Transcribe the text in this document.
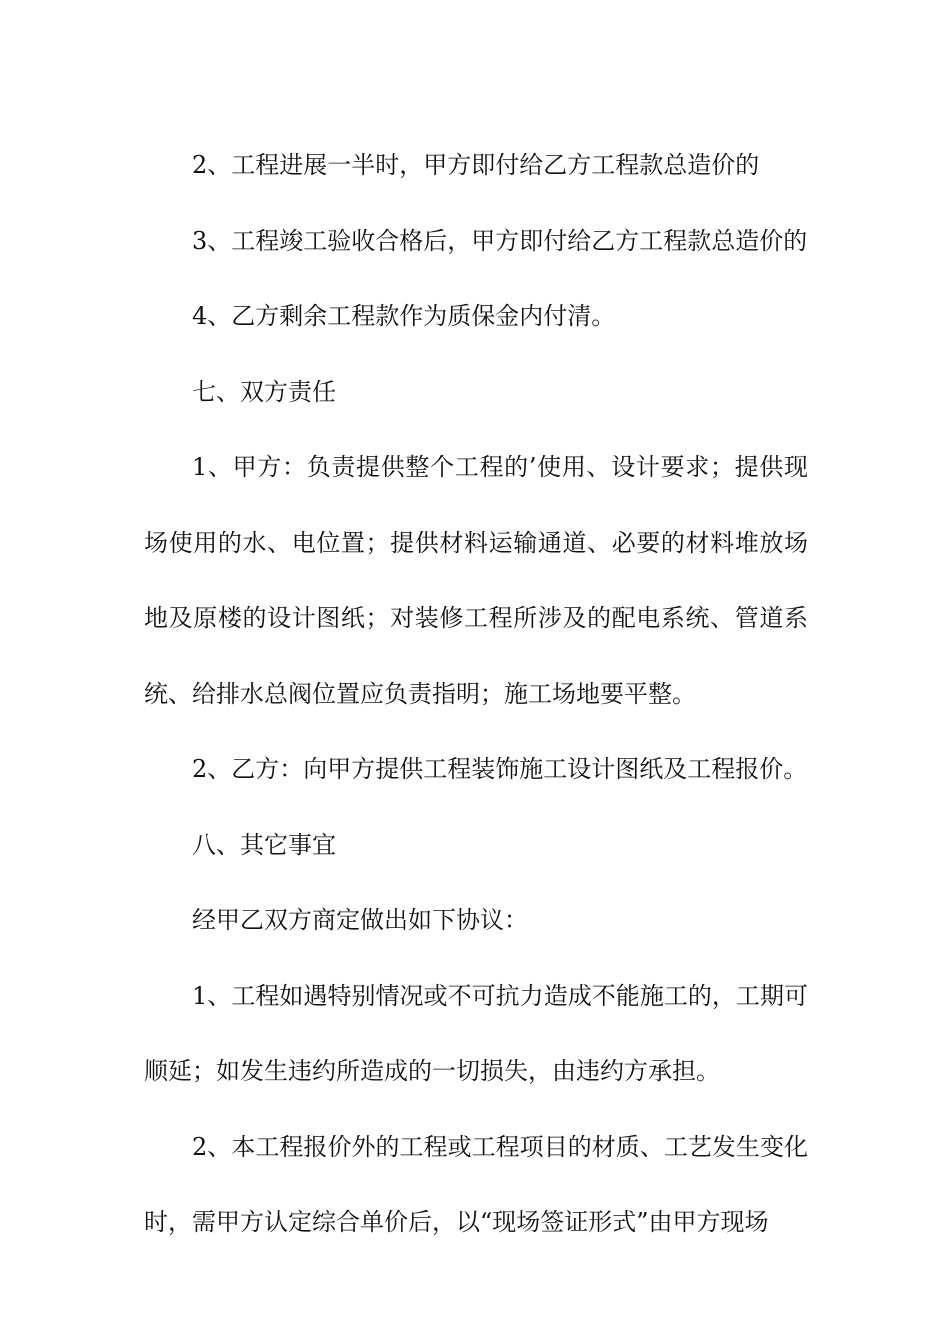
2、工程进展一半时，甲方即付给乙方工程款总造价的

3、工程竣工验收合格后，甲方即付给乙方工程款总造价的

4、乙方剩余工程款作为质保金内付清。

七、双方责任

1、甲方：负责提供整个工程的’使用、设计要求；提供现场使用的水、电位置；提供材料运输通道、必要的材料堆放场地及原楼的设计图纸；对装修工程所涉及的配电系统、管道系统、给排水总阀位置应负责指明；施工场地要平整。

2、乙方：向甲方提供工程装饰施工设计图纸及工程报价。

八、其它事宜

经甲乙双方商定做出如下协议：

1、工程如遇特别情况或不可抗力造成不能施工的，工期可顺延；如发生违约所造成的一切损失，由违约方承担。

2、本工程报价外的工程或工程项目的材质、工艺发生变化时，需甲方认定综合单价后，以“现场签证形式”由甲方现场
